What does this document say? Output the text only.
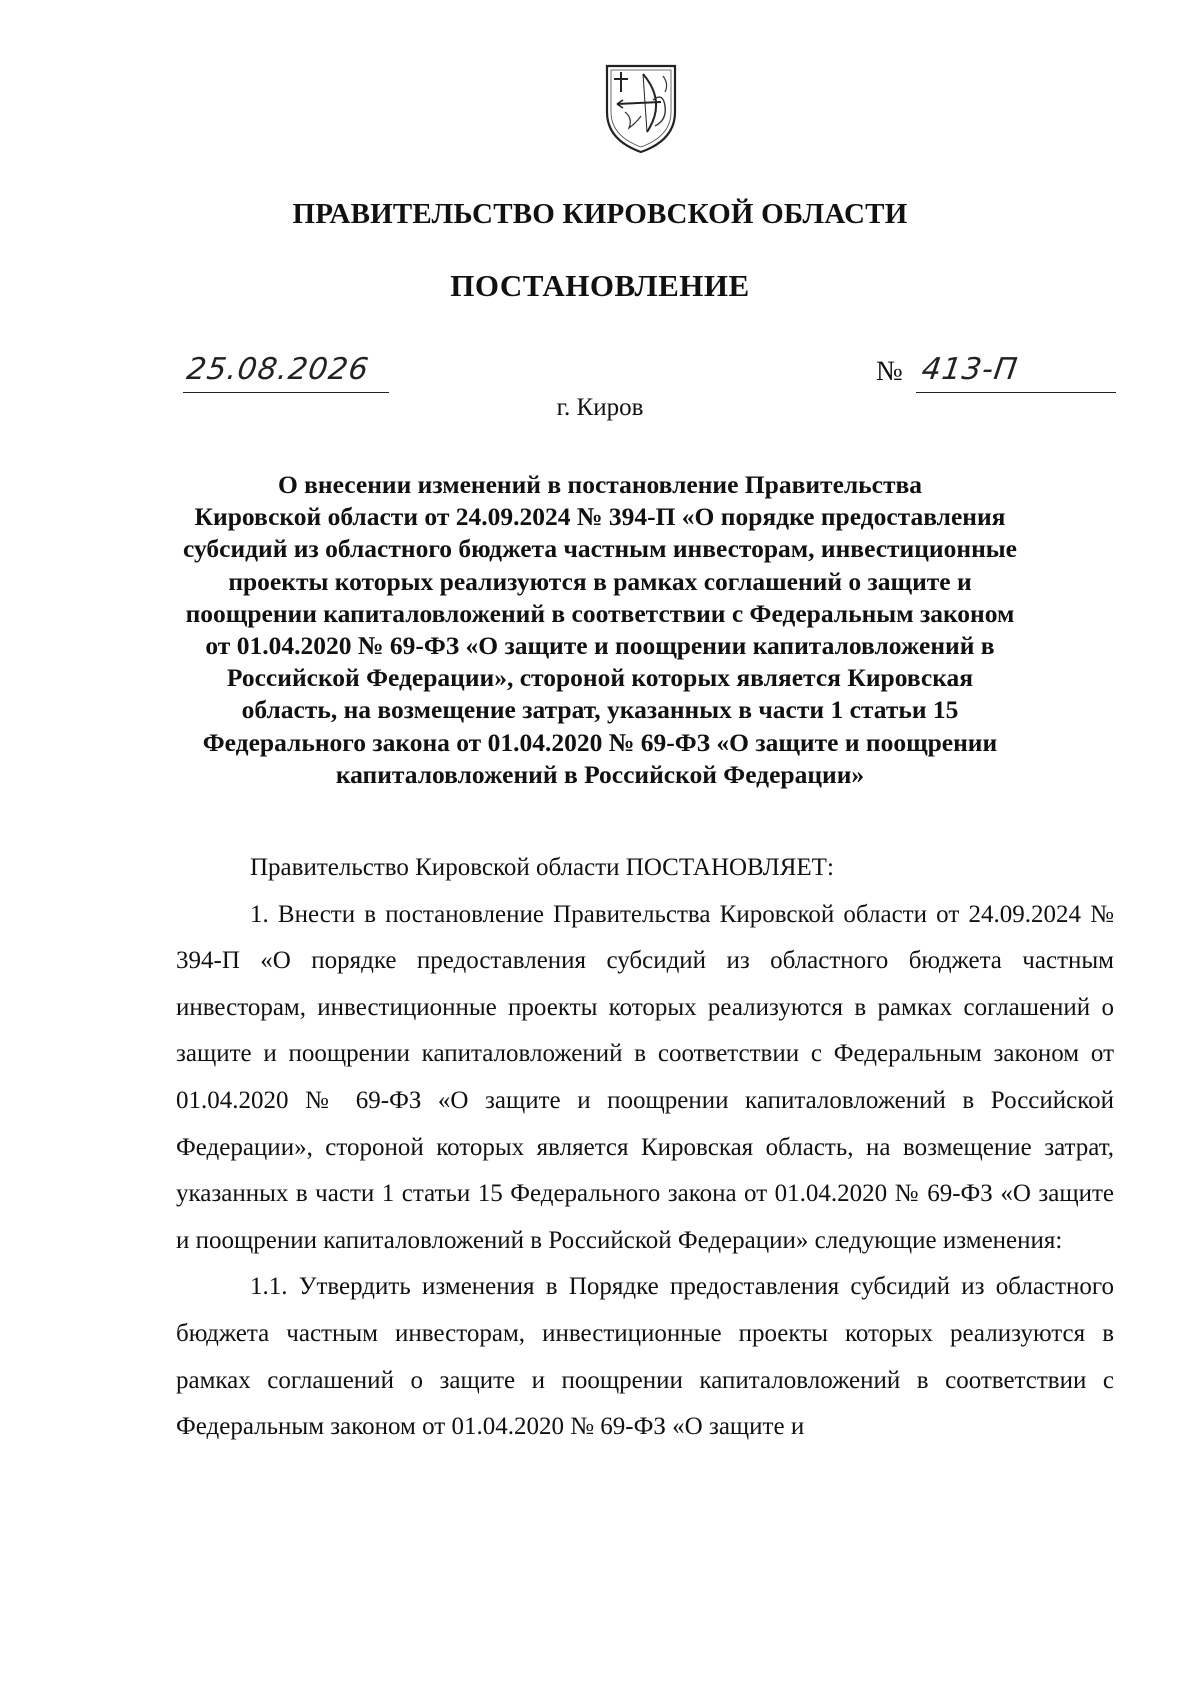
ПРАВИТЕЛЬСТВО КИРОВСКОЙ ОБЛАСТИ
ПОСТАНОВЛЕНИЕ
25.08.2026	№ 413-П
г. Киров
О внесении изменений в постановление Правительства
Кировской области от 24.09.2024 № 394-П «О порядке предоставления
субсидий из областного бюджета частным инвесторам, инвестиционные
проекты которых реализуются в рамках соглашений о защите и
поощрении капиталовложений в соответствии с Федеральным законом
от 01.04.2020 № 69-ФЗ «О защите и поощрении капиталовложений в
Российской Федерации», стороной которых является Кировская
область, на возмещение затрат, указанных в части 1 статьи 15
Федерального закона от 01.04.2020 № 69-ФЗ «О защите и поощрении
капиталовложений в Российской Федерации»

Правительство Кировской области ПОСТАНОВЛЯЕТ:

1. Внести в постановление Правительства Кировской области от 24.09.2024 № 394-П «О порядке предоставления субсидий из областного бюджета частным инвесторам, инвестиционные проекты которых реализуются в рамках соглашений о защите и поощрении капиталовложений в соответствии с Федеральным законом от 01.04.2020 № 69-ФЗ «О защите и поощрении капиталовложений в Российской Федерации», стороной которых является Кировская область, на возмещение затрат, указанных в части 1 статьи 15 Федерального закона от 01.04.2020 № 69-ФЗ «О защите и поощрении капиталовложений в Российской Федерации» следующие изменения:

1.1. Утвердить изменения в Порядке предоставления субсидий из областного бюджета частным инвесторам, инвестиционные проекты которых реализуются в рамках соглашений о защите и поощрении капиталовложений в соответствии с Федеральным законом от 01.04.2020 № 69-ФЗ «О защите и
